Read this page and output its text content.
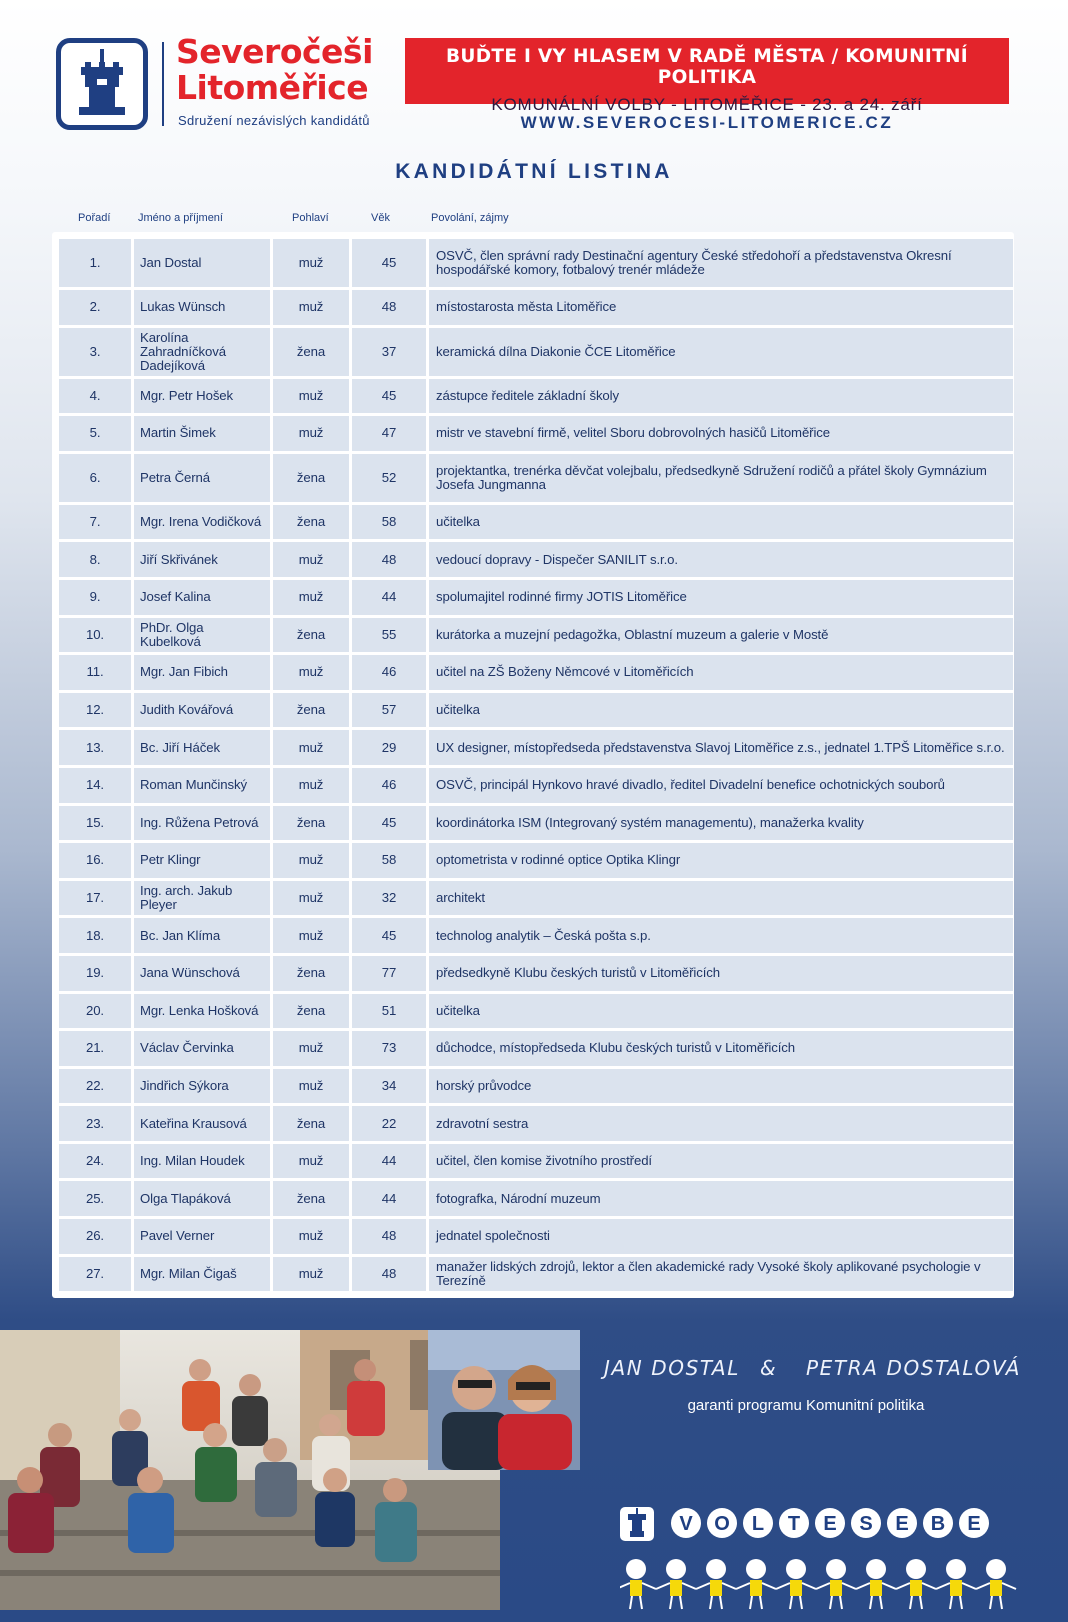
Severočeši
Litoměřice
Sdružení nezávislých kandidátů
BUĎTE I VY HLASEM V RADĚ MĚSTA / KOMUNITNÍ POLITIKA
KOMUNÁLNÍ VOLBY - LITOMĚŘICE - 23. a 24. září
WWW.SEVEROCESI-LITOMERICE.CZ
KANDIDÁTNÍ LISTINA
Pořadí	Jméno a příjmení	Pohlaví	Věk	Povolání, zájmy
1.	Jan Dostal	muž	45	OSVČ, člen správní rady Destinační agentury České středohoří a představenstva Okresní hospodářské komory, fotbalový trenér mládeže
2.	Lukas Wünsch	muž	48	místostarosta města Litoměřice
3.	Karolína Zahradníčková Dadejíková	žena	37	keramická dílna Diakonie ČCE Litoměřice
4.	Mgr. Petr Hošek	muž	45	zástupce ředitele základní školy
5.	Martin Šimek	muž	47	mistr ve stavební firmě, velitel Sboru dobrovolných hasičů Litoměřice
6.	Petra Černá	žena	52	projektantka, trenérka děvčat volejbalu, předsedkyně Sdružení rodičů a přátel školy Gymnázium Josefa Jungmanna
7.	Mgr. Irena Vodičková	žena	58	učitelka
8.	Jiří Skřivánek	muž	48	vedoucí dopravy - Dispečer SANILIT s.r.o.
9.	Josef Kalina	muž	44	spolumajitel rodinné firmy JOTIS Litoměřice
10.	PhDr. Olga Kubelková	žena	55	kurátorka a muzejní pedagožka, Oblastní muzeum a galerie v Mostě
11.	Mgr. Jan Fibich	muž	46	učitel na ZŠ Boženy Němcové v Litoměřicích
12.	Judith Kovářová	žena	57	učitelka
13.	Bc. Jiří Háček	muž	29	UX designer, místopředseda představenstva Slavoj Litoměřice z.s., jednatel 1.TPŠ Litoměřice s.r.o.
14.	Roman Munčinský	muž	46	OSVČ, principál Hynkovo hravé divadlo, ředitel Divadelní benefice ochotnických souborů
15.	Ing. Růžena Petrová	žena	45	koordinátorka ISM (Integrovaný systém managementu), manažerka kvality
16.	Petr Klingr	muž	58	optometrista v rodinné optice Optika Klingr
17.	Ing. arch. Jakub Pleyer	muž	32	architekt
18.	Bc. Jan Klíma	muž	45	technolog analytik – Česká pošta s.p.
19.	Jana Wünschová	žena	77	předsedkyně Klubu českých turistů v Litoměřicích
20.	Mgr. Lenka Hošková	žena	51	učitelka
21.	Václav Červinka	muž	73	důchodce, místopředseda Klubu českých turistů v Litoměřicích
22.	Jindřich Sýkora	muž	34	horský průvodce
23.	Kateřina Krausová	žena	22	zdravotní sestra
24.	Ing. Milan Houdek	muž	44	učitel, člen komise životního prostředí
25.	Olga Tlapáková	žena	44	fotografka, Národní muzeum
26.	Pavel Verner	muž	48	jednatel společnosti
27.	Mgr. Milan Čigaš	muž	48	manažer lidských zdrojů, lektor a člen akademické rady Vysoké školy aplikované psychologie v Terezíně
JAN DOSTAL & PETRA DOSTALOVÁ
garanti programu Komunitní politika
V O L T E S E B E
